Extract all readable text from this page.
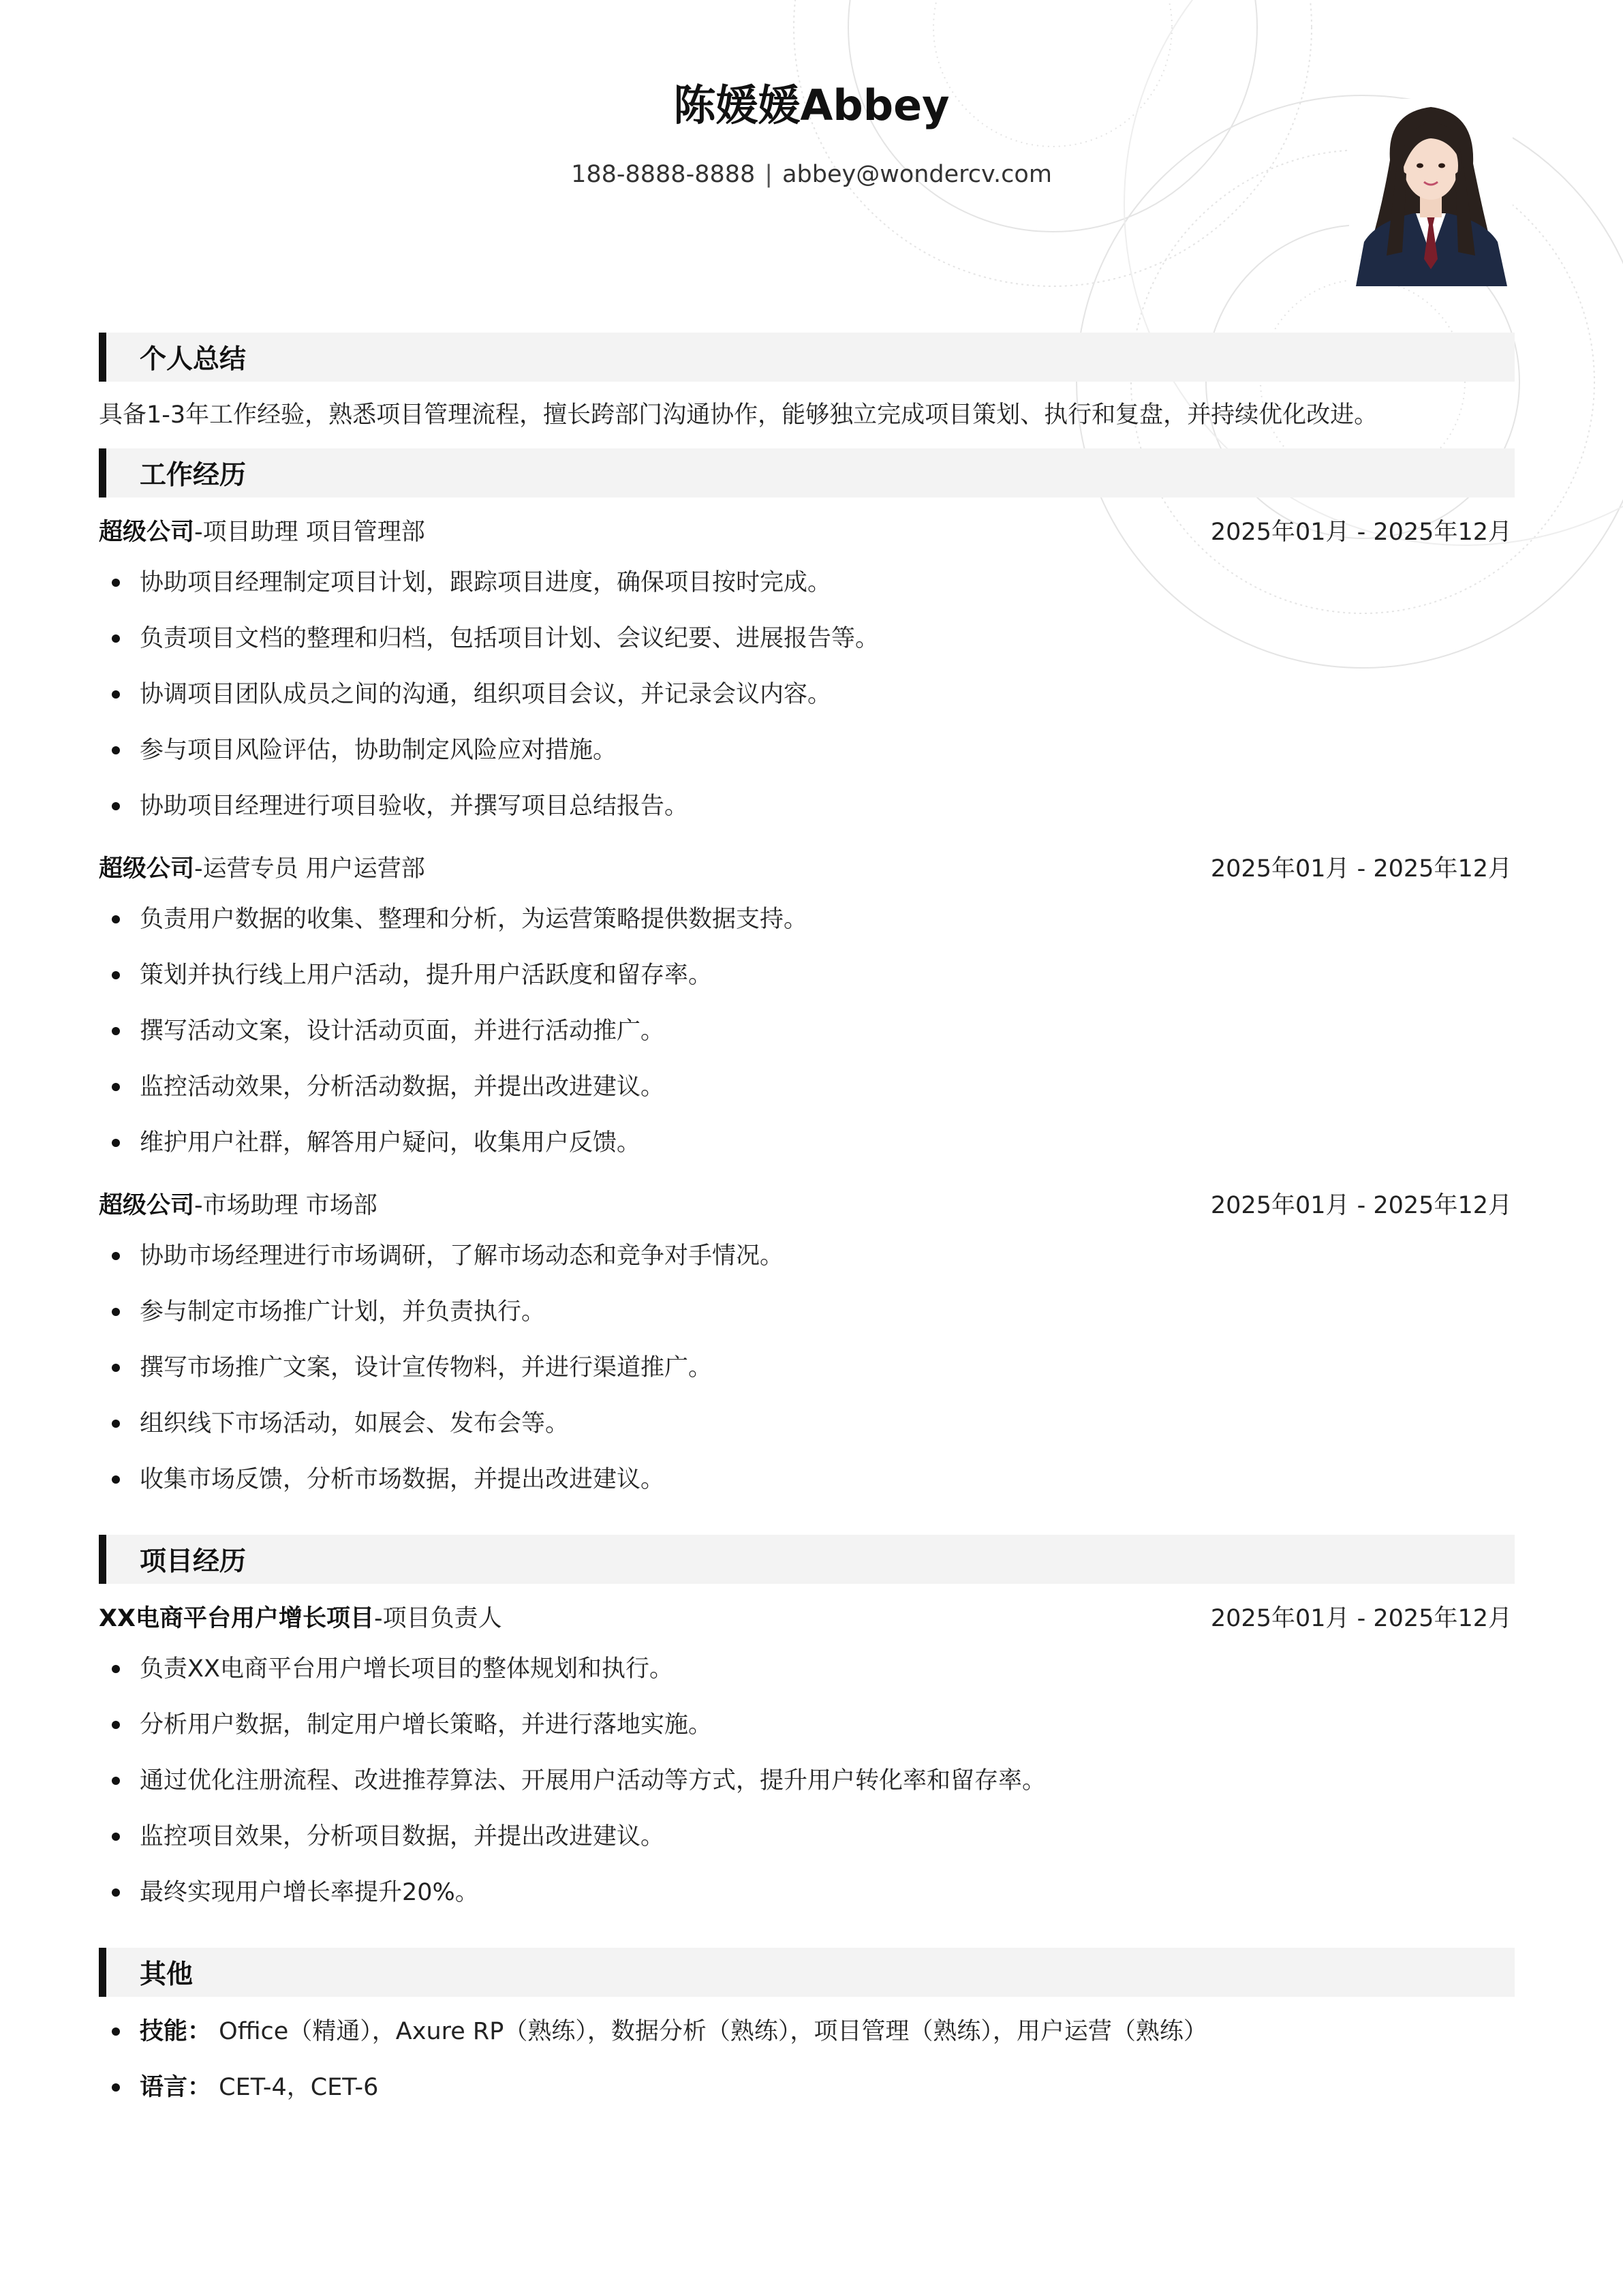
陈媛媛Abbey
188-8888-8888 | abbey@wondercv.com
个人总结
具备1-3年工作经验，熟悉项目管理流程，擅长跨部门沟通协作，能够独立完成项目策划、执行和复盘，并持续优化改进。
工作经历
超级公司-项目助理 项目管理部	2025年01月 - 2025年12月
协助项目经理制定项目计划，跟踪项目进度，确保项目按时完成。
负责项目文档的整理和归档，包括项目计划、会议纪要、进展报告等。
协调项目团队成员之间的沟通，组织项目会议，并记录会议内容。
参与项目风险评估，协助制定风险应对措施。
协助项目经理进行项目验收，并撰写项目总结报告。
超级公司-运营专员 用户运营部	2025年01月 - 2025年12月
负责用户数据的收集、整理和分析，为运营策略提供数据支持。
策划并执行线上用户活动，提升用户活跃度和留存率。
撰写活动文案，设计活动页面，并进行活动推广。
监控活动效果，分析活动数据，并提出改进建议。
维护用户社群，解答用户疑问，收集用户反馈。
超级公司-市场助理 市场部	2025年01月 - 2025年12月
协助市场经理进行市场调研，了解市场动态和竞争对手情况。
参与制定市场推广计划，并负责执行。
撰写市场推广文案，设计宣传物料，并进行渠道推广。
组织线下市场活动，如展会、发布会等。
收集市场反馈，分析市场数据，并提出改进建议。
项目经历
XX电商平台用户增长项目-项目负责人	2025年01月 - 2025年12月
负责XX电商平台用户增长项目的整体规划和执行。
分析用户数据，制定用户增长策略，并进行落地实施。
通过优化注册流程、改进推荐算法、开展用户活动等方式，提升用户转化率和留存率。
监控项目效果，分析项目数据，并提出改进建议。
最终实现用户增长率提升20%。
其他
技能： Office（精通），Axure RP（熟练），数据分析（熟练），项目管理（熟练），用户运营（熟练）
语言： CET-4，CET-6
